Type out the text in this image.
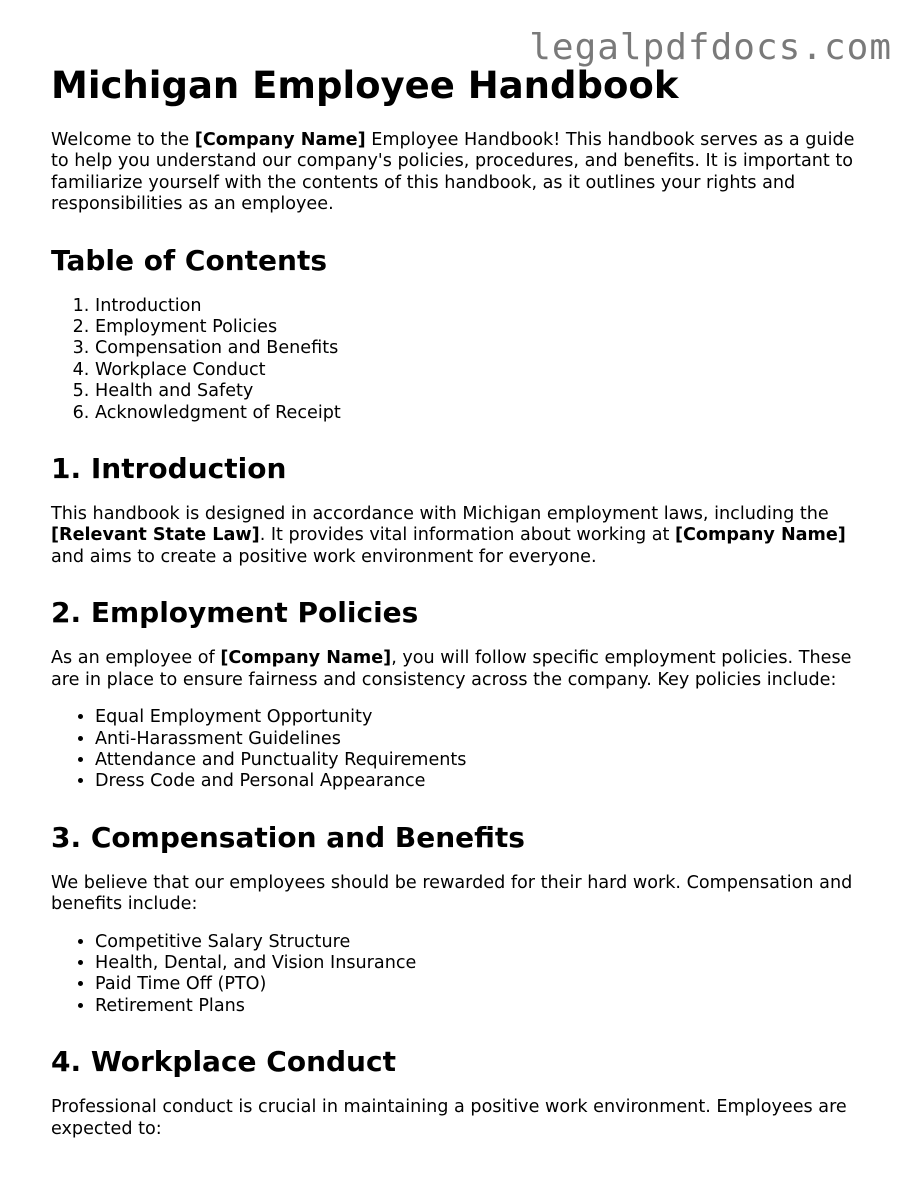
legalpdfdocs.com
Michigan Employee Handbook

Welcome to the [Company Name] Employee Handbook! This handbook serves as a guide to help you understand our company's policies, procedures, and benefits. It is important to familiarize yourself with the contents of this handbook, as it outlines your rights and responsibilities as an employee.

Table of Contents
1. Introduction
2. Employment Policies
3. Compensation and Benefits
4. Workplace Conduct
5. Health and Safety
6. Acknowledgment of Receipt
1. Introduction

This handbook is designed in accordance with Michigan employment laws, including the [Relevant State Law]. It provides vital information about working at [Company Name] and aims to create a positive work environment for everyone.

2. Employment Policies

As an employee of [Company Name], you will follow specific employment policies. These are in place to ensure fairness and consistency across the company. Key policies include:

• Equal Employment Opportunity
• Anti-Harassment Guidelines
• Attendance and Punctuality Requirements
• Dress Code and Personal Appearance
3. Compensation and Benefits

We believe that our employees should be rewarded for their hard work. Compensation and benefits include:

• Competitive Salary Structure
• Health, Dental, and Vision Insurance
• Paid Time Off (PTO)
• Retirement Plans
4. Workplace Conduct

Professional conduct is crucial in maintaining a positive work environment. Employees are expected to:
